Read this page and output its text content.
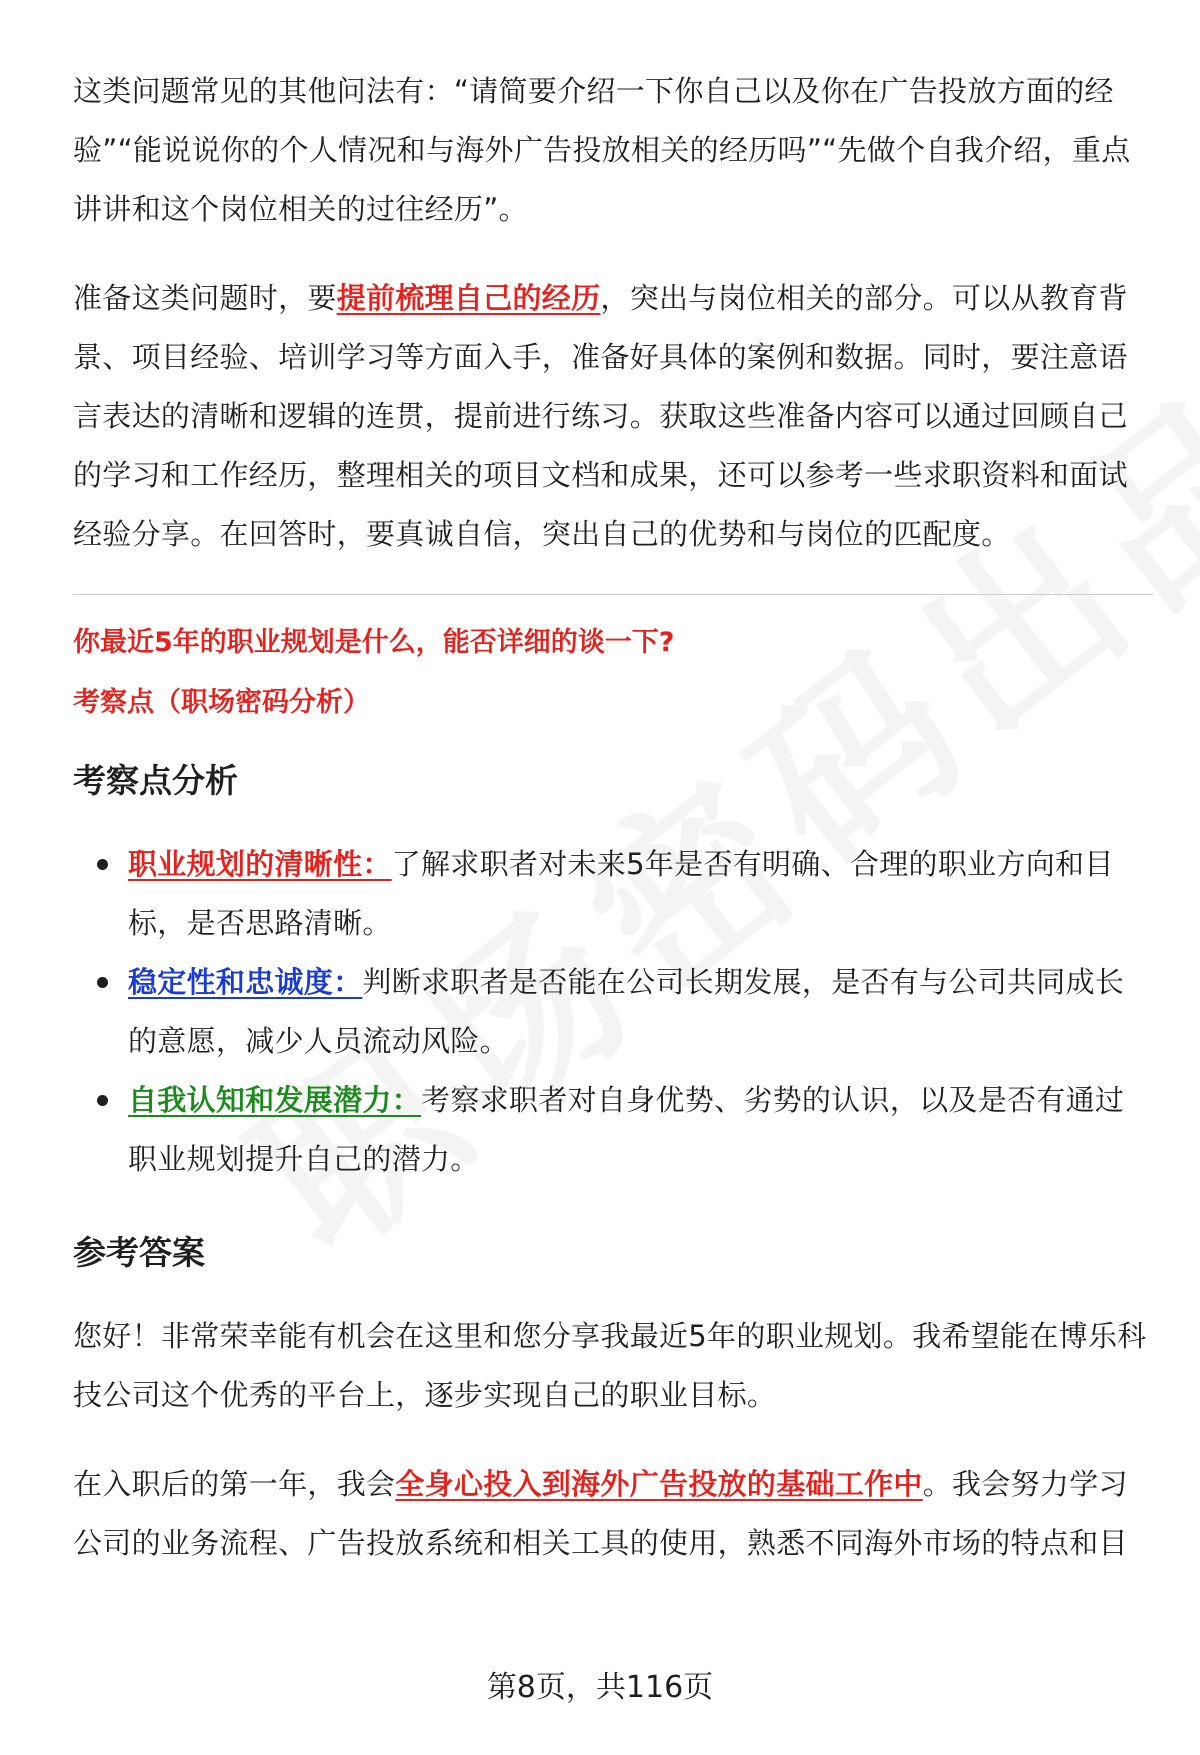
这类问题常见的其他问法有：“请简要介绍一下你自己以及你在广告投放方面的经验”“能说说你的个人情况和与海外广告投放相关的经历吗”“先做个自我介绍，重点讲讲和这个岗位相关的过往经历”。

准备这类问题时，要提前梳理自己的经历，突出与岗位相关的部分。可以从教育背景、项目经验、培训学习等方面入手，准备好具体的案例和数据。同时，要注意语言表达的清晰和逻辑的连贯，提前进行练习。获取这些准备内容可以通过回顾自己的学习和工作经历，整理相关的项目文档和成果，还可以参考一些求职资料和面试经验分享。在回答时，要真诚自信，突出自己的优势和与岗位的匹配度。

你最近5年的职业规划是什么，能否详细的谈一下?
考察点（职场密码分析）
考察点分析
职业规划的清晰性：了解求职者对未来5年是否有明确、合理的职业方向和目标，是否思路清晰。
稳定性和忠诚度：判断求职者是否能在公司长期发展，是否有与公司共同成长的意愿，减少人员流动风险。
自我认知和发展潜力：考察求职者对自身优势、劣势的认识，以及是否有通过职业规划提升自己的潜力。
参考答案

您好！非常荣幸能有机会在这里和您分享我最近5年的职业规划。我希望能在博乐科技公司这个优秀的平台上，逐步实现自己的职业目标。

在入职后的第一年，我会全身心投入到海外广告投放的基础工作中。我会努力学习公司的业务流程、广告投放系统和相关工具的使用，熟悉不同海外市场的特点和目

第8页，共116页
